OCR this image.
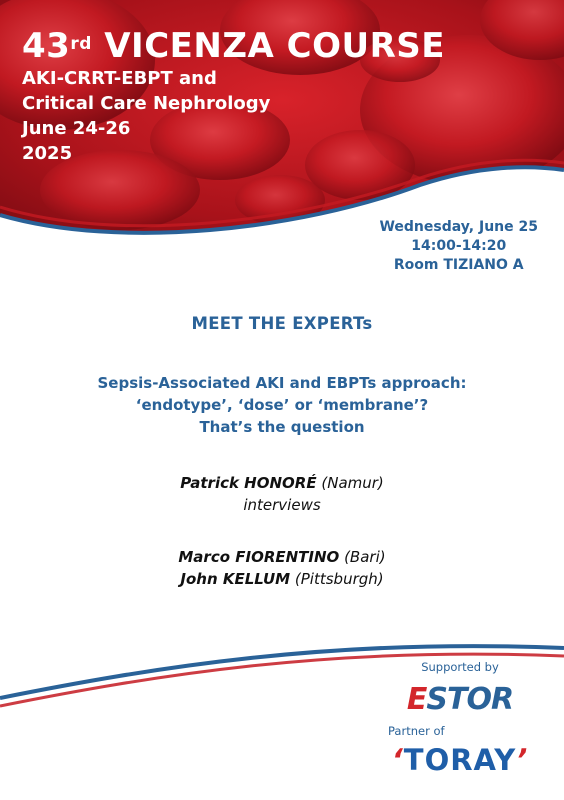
43rd VICENZA COURSE
AKI-CRRT-EBPT and
Critical Care Nephrology
June 24-26
2025
Wednesday, June 25
14:00-14:20
Room TIZIANO A
MEET THE EXPERTs
Sepsis-Associated AKI and EBPTs approach:
‘endotype’, ‘dose’ or ‘membrane’?
That’s the question
Patrick HONORÉ (Namur)
interviews
Marco FIORENTINO (Bari)
John KELLUM (Pittsburgh)
Supported by
ESTOR
Partner of
‘TORAY’
